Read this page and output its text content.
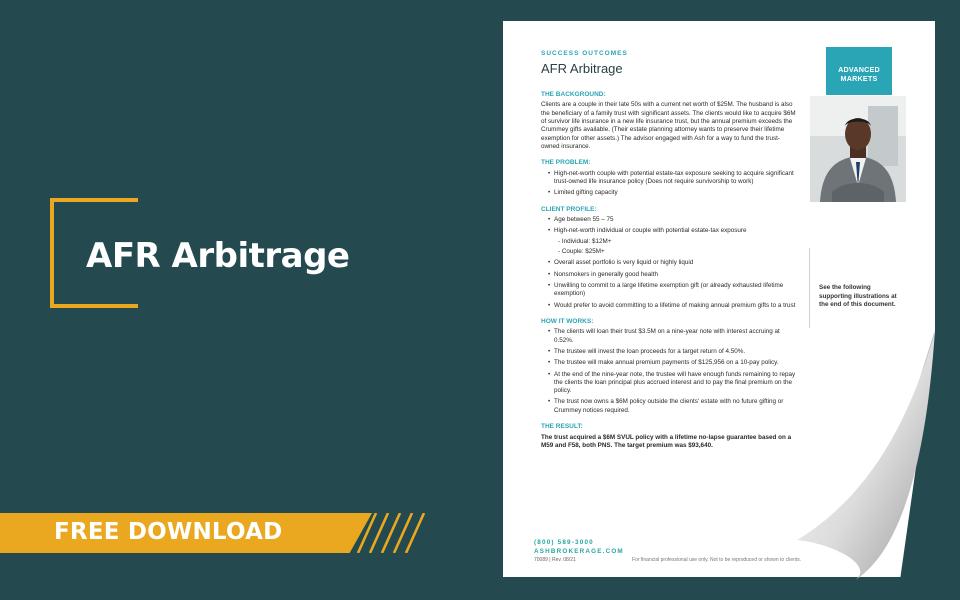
AFR Arbitrage
FREE DOWNLOAD
SUCCESS OUTCOMES
AFR Arbitrage
THE BACKGROUND:

Clients are a couple in their late 50s with a current net worth of $25M. The husband is also the beneficiary of a family trust with significant assets. The clients would like to acquire $6M of survivor life insurance in a new life insurance trust, but the annual premium exceeds the Crummey gifts available. (Their estate planning attorney wants to preserve their lifetime exemption for other assets.) The advisor engaged with Ash for a way to fund the trust-owned insurance.

THE PROBLEM:
• High-net-worth couple with potential estate-tax exposure seeking to acquire significant trust-owned life insurance policy (Does not require survivorship to work)
• Limited gifting capacity
CLIENT PROFILE:
• Age between 55 – 75
• High-net-worth individual or couple with potential estate-tax exposure
- Individual: $12M+
- Couple: $25M+
• Overall asset portfolio is very liquid or highly liquid
• Nonsmokers in generally good health
• Unwilling to commit to a large lifetime exemption gift (or already exhausted lifetime exemption)
• Would prefer to avoid committing to a lifetime of making annual premium gifts to a trust
HOW IT WORKS:
• The clients will loan their trust $3.5M on a nine-year note with interest accruing at 0.52%.
• The trustee will invest the loan proceeds for a target return of 4.50%.
• The trustee will make annual premium payments of $125,956 on a 10-pay policy.
• At the end of the nine-year note, the trustee will have enough funds remaining to repay the clients the loan principal plus accrued interest and to pay the final premium on the policy.
• The trust now owns a $6M policy outside the clients' estate with no future gifting or Crummey notices required.
THE RESULT:

The trust acquired a $6M SVUL policy with a lifetime no-lapse guarantee based on a M59 and F58, both PNS. The target premium was $93,640.

ADVANCED
MARKETS
See the following supporting illustrations at the end of this document.
(800) 589-3000
ASHBROKERAGE.COM
70089 | Rev. 08/21	For financial professional use only. Not to be reproduced or shown to clients.
